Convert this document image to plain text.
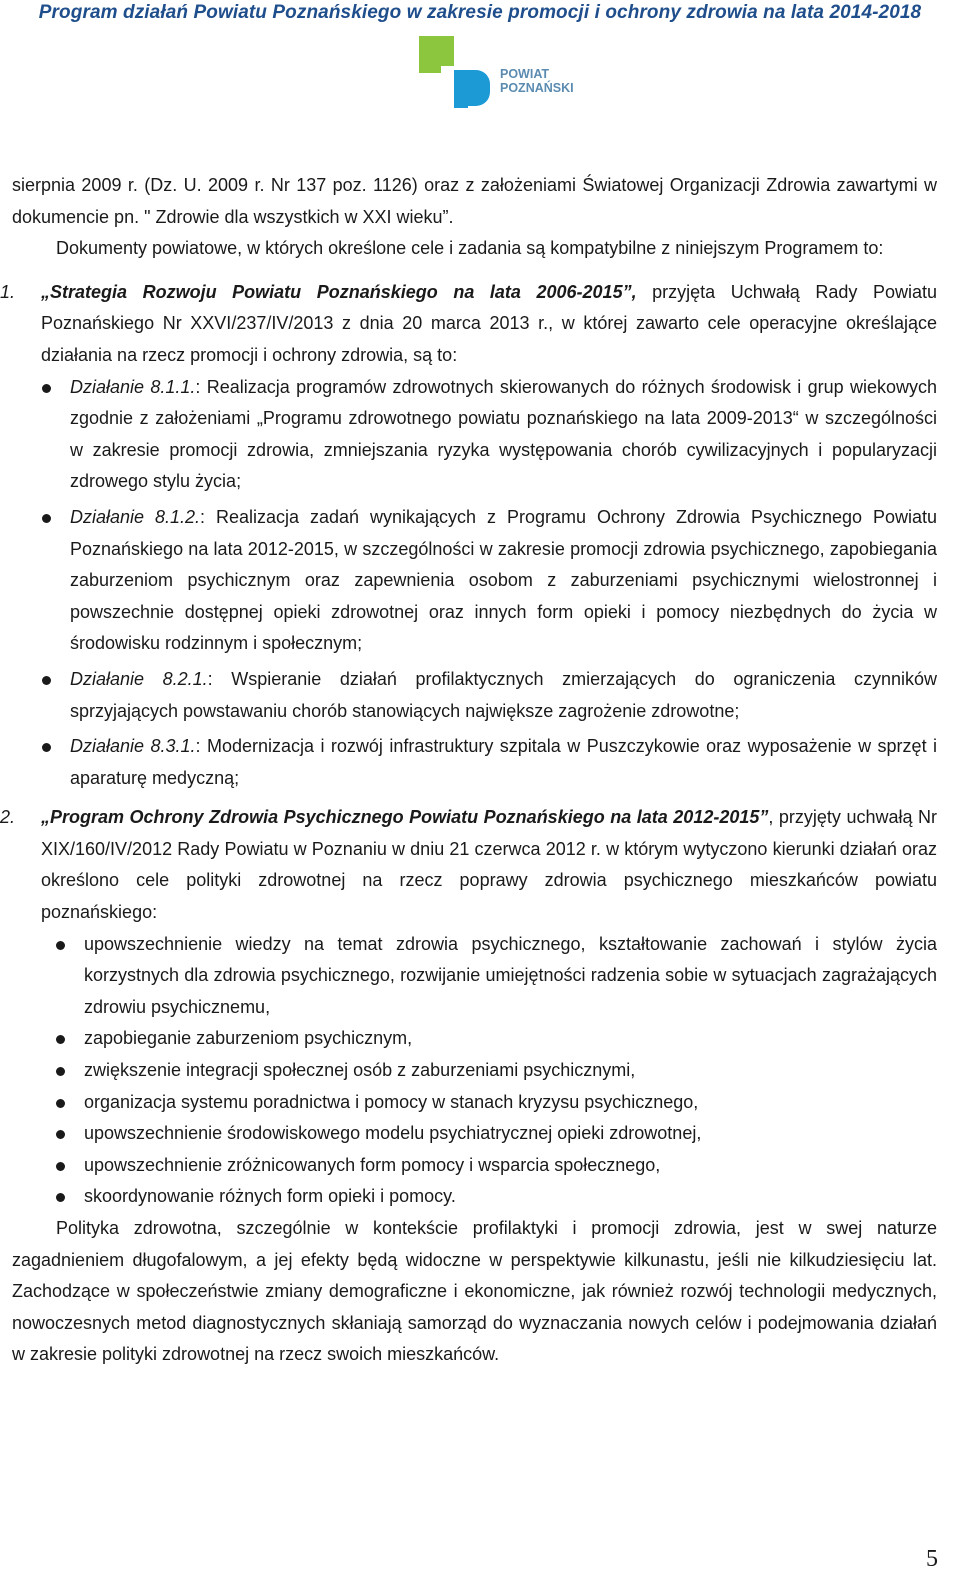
Program działań Powiatu Poznańskiego w zakresie promocji i ochrony zdrowia na lata 2014-2018
POWIAT
POZNAŃSKI

sierpnia 2009 r. (Dz. U. 2009 r. Nr 137 poz. 1126) oraz z założeniami Światowej Organizacji Zdrowia zawartymi w dokumencie pn. " Zdrowie dla wszystkich w XXI wieku”.

Dokumenty powiatowe, w których określone cele i zadania są kompatybilne z niniejszym Programem to:

1. „Strategia Rozwoju Powiatu Poznańskiego na lata 2006-2015”, przyjęta Uchwałą Rady Powiatu Poznańskiego Nr XXVI/237/IV/2013 z dnia 20 marca 2013 r., w której zawarto cele operacyjne określające działania na rzecz promocji i ochrony zdrowia, są to:

Działanie 8.1.1.: Realizacja programów zdrowotnych skierowanych do różnych środowisk i grup wiekowych zgodnie z założeniami „Programu zdrowotnego powiatu poznańskiego na lata 2009-2013“ w szczególności w zakresie promocji zdrowia, zmniejszania ryzyka występowania chorób cywilizacyjnych i popularyzacji zdrowego stylu życia;

Działanie 8.1.2.: Realizacja zadań wynikających z Programu Ochrony Zdrowia Psychicznego Powiatu Poznańskiego na lata 2012-2015, w szczególności w zakresie promocji zdrowia psychicznego, zapobiegania zaburzeniom psychicznym oraz zapewnienia osobom z zaburzeniami psychicznymi wielostronnej i powszechnie dostępnej opieki zdrowotnej oraz innych form opieki i pomocy niezbędnych do życia w środowisku rodzinnym i społecznym;

Działanie 8.2.1.: Wspieranie działań profilaktycznych zmierzających do ograniczenia czynników sprzyjających powstawaniu chorób stanowiących największe zagrożenie zdrowotne;

Działanie 8.3.1.: Modernizacja i rozwój infrastruktury szpitala w Puszczykowie oraz wyposażenie w sprzęt i aparaturę medyczną;

2. „Program Ochrony Zdrowia Psychicznego Powiatu Poznańskiego na lata 2012-2015”, przyjęty uchwałą Nr XIX/160/IV/2012 Rady Powiatu w Poznaniu w dniu 21 czerwca 2012 r. w którym wytyczono kierunki działań oraz określono cele polityki zdrowotnej na rzecz poprawy zdrowia psychicznego mieszkańców powiatu poznańskiego:

upowszechnienie wiedzy na temat zdrowia psychicznego, kształtowanie zachowań i stylów życia korzystnych dla zdrowia psychicznego, rozwijanie umiejętności radzenia sobie w sytuacjach zagrażających zdrowiu psychicznemu,

zapobieganie zaburzeniom psychicznym,

zwiększenie integracji społecznej osób z zaburzeniami psychicznymi,

organizacja systemu poradnictwa i pomocy w stanach kryzysu psychicznego,

upowszechnienie środowiskowego modelu psychiatrycznej opieki zdrowotnej,

upowszechnienie zróżnicowanych form pomocy i wsparcia społecznego,

skoordynowanie różnych form opieki i pomocy.

Polityka zdrowotna, szczególnie w kontekście profilaktyki i promocji zdrowia, jest w swej naturze zagadnieniem długofalowym, a jej efekty będą widoczne w perspektywie kilkunastu, jeśli nie kilkudziesięciu lat. Zachodzące w społeczeństwie zmiany demograficzne i ekonomiczne, jak również rozwój technologii medycznych, nowoczesnych metod diagnostycznych skłaniają samorząd do wyznaczania nowych celów i podejmowania działań w zakresie polityki zdrowotnej na rzecz swoich mieszkańców.

5
